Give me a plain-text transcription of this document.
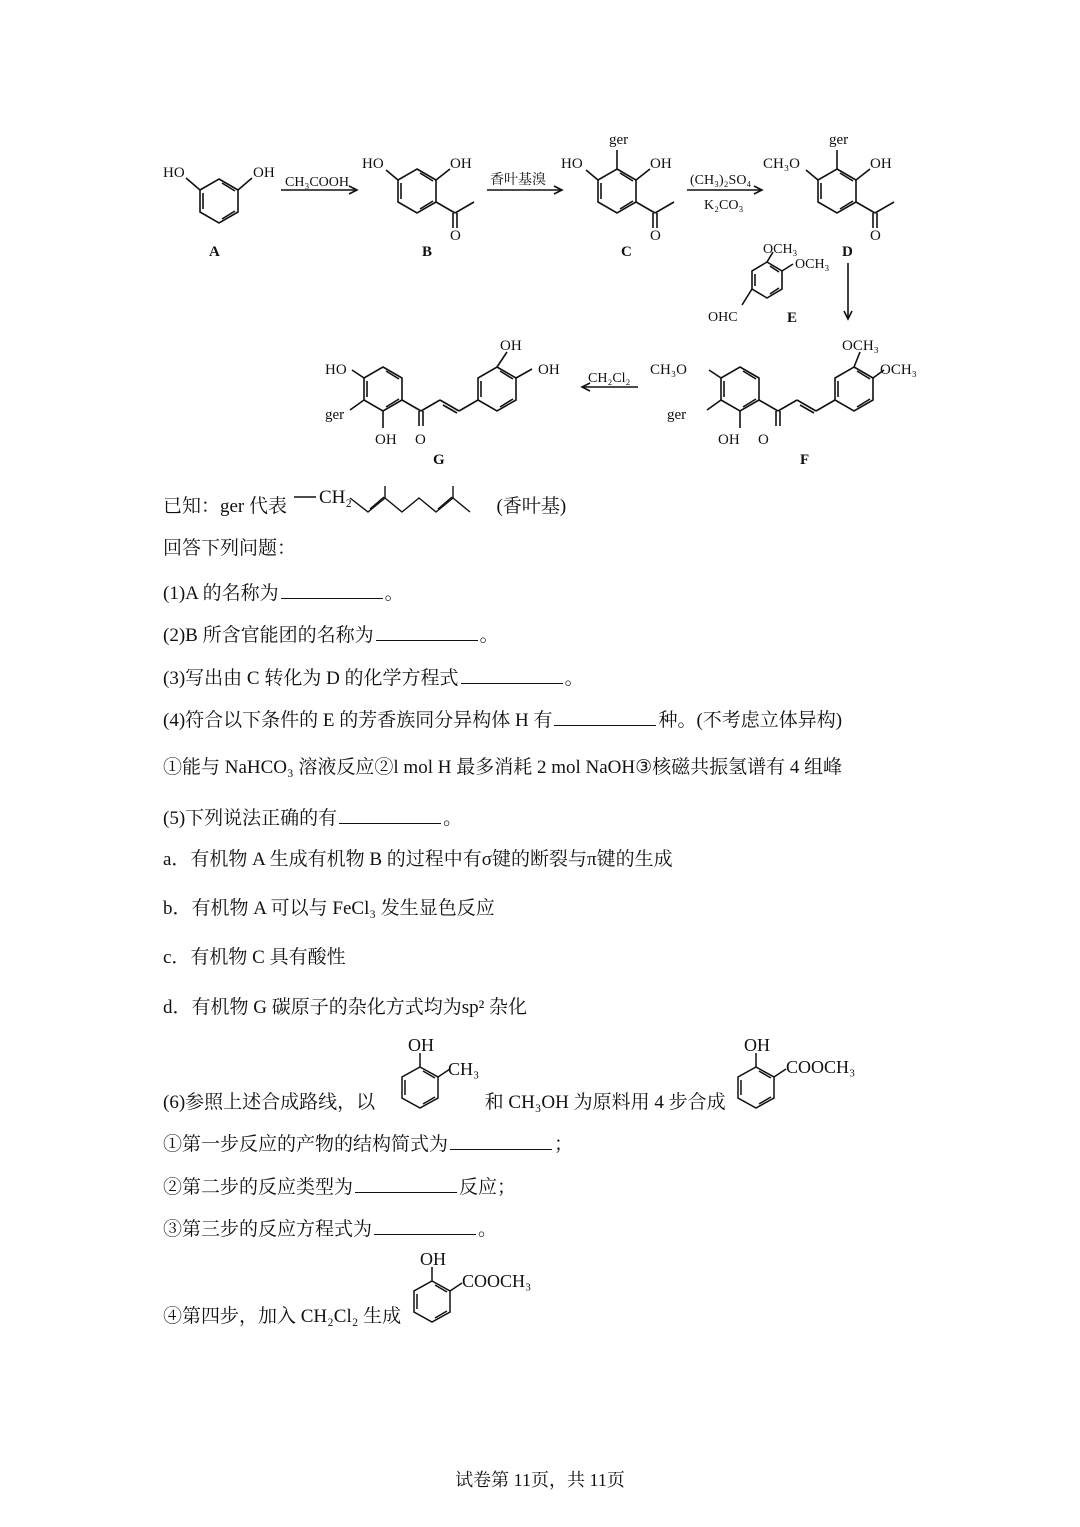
HO	OH
A
CH₃COOH
HO	OH
O
B
香叶基溴
ger
HO	OH
O
C
(CH₃)₂SO₄
K₂CO₃
ger
CH₃O	OH
O
D
OCH₃
OCH₃
OHC	E
CH₂Cl₂
HO
ger
OH O
OH
OH
G
CH₃O
ger
OH O
OCH₃
OCH₃
F
已知：ger 代表 CH₂	(香叶基)
回答下列问题：
(1)A 的名称为	。
(2)B 所含官能团的名称为	。
(3)写出由 C 转化为 D 的化学方程式	。
(4)符合以下条件的 E 的芳香族同分异构体 H 有	种。(不考虑立体异构)
①能与 NaHCO₃ 溶液反应②l mol H 最多消耗 2 mol NaOH③核磁共振氢谱有 4 组峰
(5)下列说法正确的有	。
a．有机物 A 生成有机物 B 的过程中有σ键的断裂与π键的生成
b．有机物 A 可以与 FeCl₃ 发生显色反应
c．有机物 C 具有酸性
d．有机物 G 碳原子的杂化方式均为sp² 杂化
(6)参照上述合成路线，以
OH
CH₃
和 CH₃OH 为原料用 4 步合成
OH
COOCH₃
①第一步反应的产物的结构简式为	；
②第二步的反应类型为	反应；
③第三步的反应方程式为	。
④第四步，加入 CH₂Cl₂ 生成
OH
COOCH₃
试卷第 11页，共 11页
